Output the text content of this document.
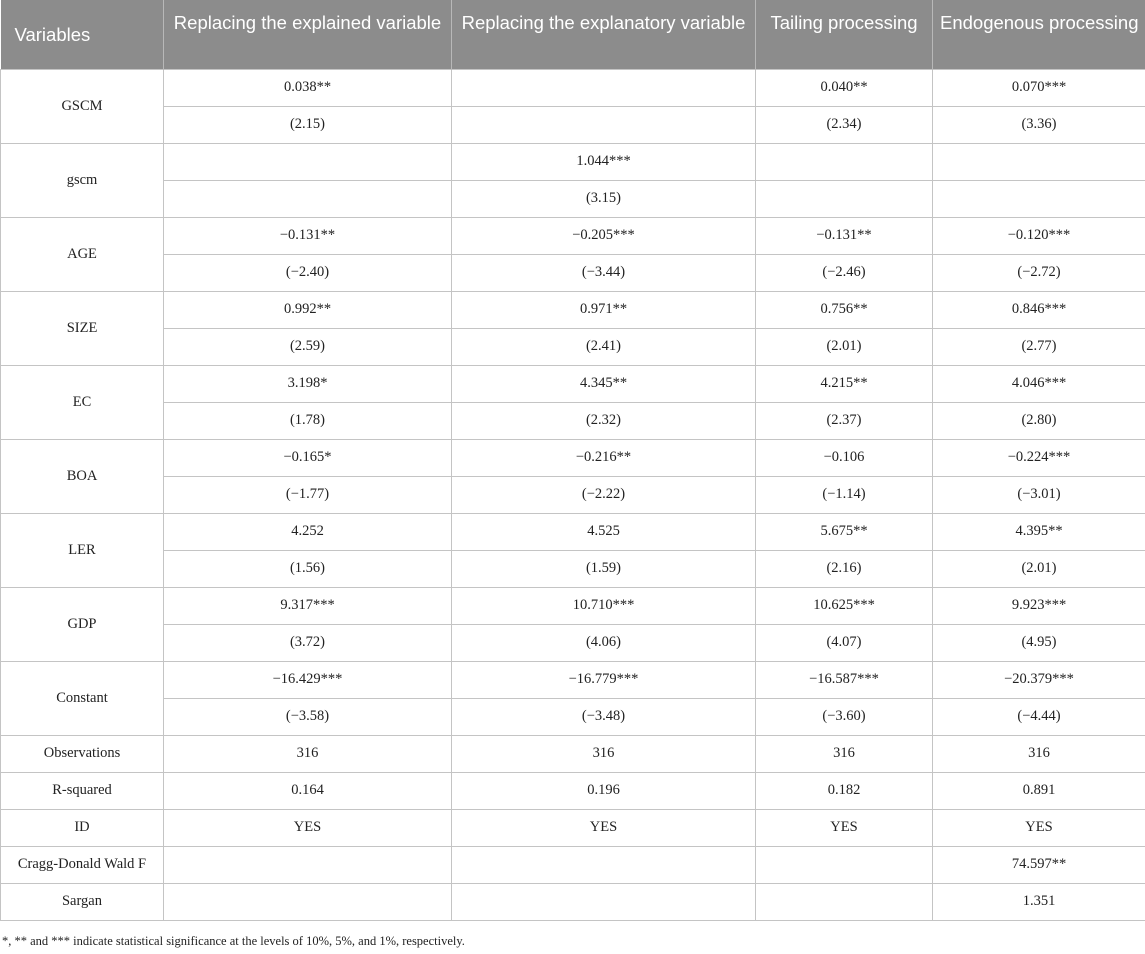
Variables	Replacing the explained variable	Replacing the explanatory variable	Tailing processing	Endogenous processing
GSCM	0.038**		0.040**	0.070***
	(2.15)		(2.34)	(3.36)
gscm		1.044***		
		(3.15)		
AGE	−0.131**	−0.205***	−0.131**	−0.120***
	(−2.40)	(−3.44)	(−2.46)	(−2.72)
SIZE	0.992**	0.971**	0.756**	0.846***
	(2.59)	(2.41)	(2.01)	(2.77)
EC	3.198*	4.345**	4.215**	4.046***
	(1.78)	(2.32)	(2.37)	(2.80)
BOA	−0.165*	−0.216**	−0.106	−0.224***
	(−1.77)	(−2.22)	(−1.14)	(−3.01)
LER	4.252	4.525	5.675**	4.395**
	(1.56)	(1.59)	(2.16)	(2.01)
GDP	9.317***	10.710***	10.625***	9.923***
	(3.72)	(4.06)	(4.07)	(4.95)
Constant	−16.429***	−16.779***	−16.587***	−20.379***
	(−3.58)	(−3.48)	(−3.60)	(−4.44)
Observations	316	316	316	316
R-squared	0.164	0.196	0.182	0.891
ID	YES	YES	YES	YES
Cragg-Donald Wald F				74.597**
Sargan				1.351
*, ** and *** indicate statistical significance at the levels of 10%, 5%, and 1%, respectively.
